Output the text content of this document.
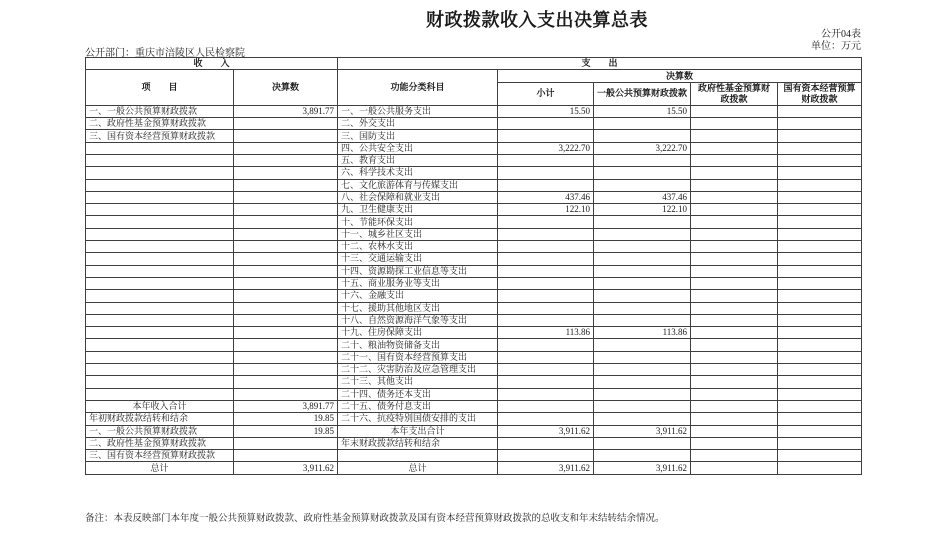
财政拨款收入支出决算总表
公开04表
单位：万元
公开部门：重庆市涪陵区人民检察院
收　　入		支　　出				
项　　目	决算数	功能分类科目	决算数			
			小计	一般公共预算财政拨款	政府性基金预算财政拨款	国有资本经营预算财政拨款
一、一般公共预算财政拨款	3,891.77	一、一般公共服务支出	15.50	15.50		
二、政府性基金预算财政拨款		二、外交支出				
三、国有资本经营预算财政拨款		三、国防支出				
		四、公共安全支出	3,222.70	3,222.70		
		五、教育支出				
		六、科学技术支出				
		七、文化旅游体育与传媒支出				
		八、社会保障和就业支出	437.46	437.46		
		九、卫生健康支出	122.10	122.10		
		十、节能环保支出				
		十一、城乡社区支出				
		十二、农林水支出				
		十三、交通运输支出				
		十四、资源勘探工业信息等支出				
		十五、商业服务业等支出				
		十六、金融支出				
		十七、援助其他地区支出				
		十八、自然资源海洋气象等支出				
		十九、住房保障支出	113.86	113.86		
		二十、粮油物资储备支出				
		二十一、国有资本经营预算支出				
		二十二、灾害防治及应急管理支出				
		二十三、其他支出				
		二十四、债务还本支出				
本年收入合计	3,891.77	二十五、债务付息支出				
年初财政拨款结转和结余	19.85	二十六、抗疫特别国债安排的支出				
一、一般公共预算财政拨款	19.85	本年支出合计	3,911.62	3,911.62		
二、政府性基金预算财政拨款		年末财政拨款结转和结余				
三、国有资本经营预算财政拨款						
总计	3,911.62	总计	3,911.62	3,911.62		
备注：本表反映部门本年度一般公共预算财政拨款、政府性基金预算财政拨款及国有资本经营预算财政拨款的总收支和年末结转结余情况。
